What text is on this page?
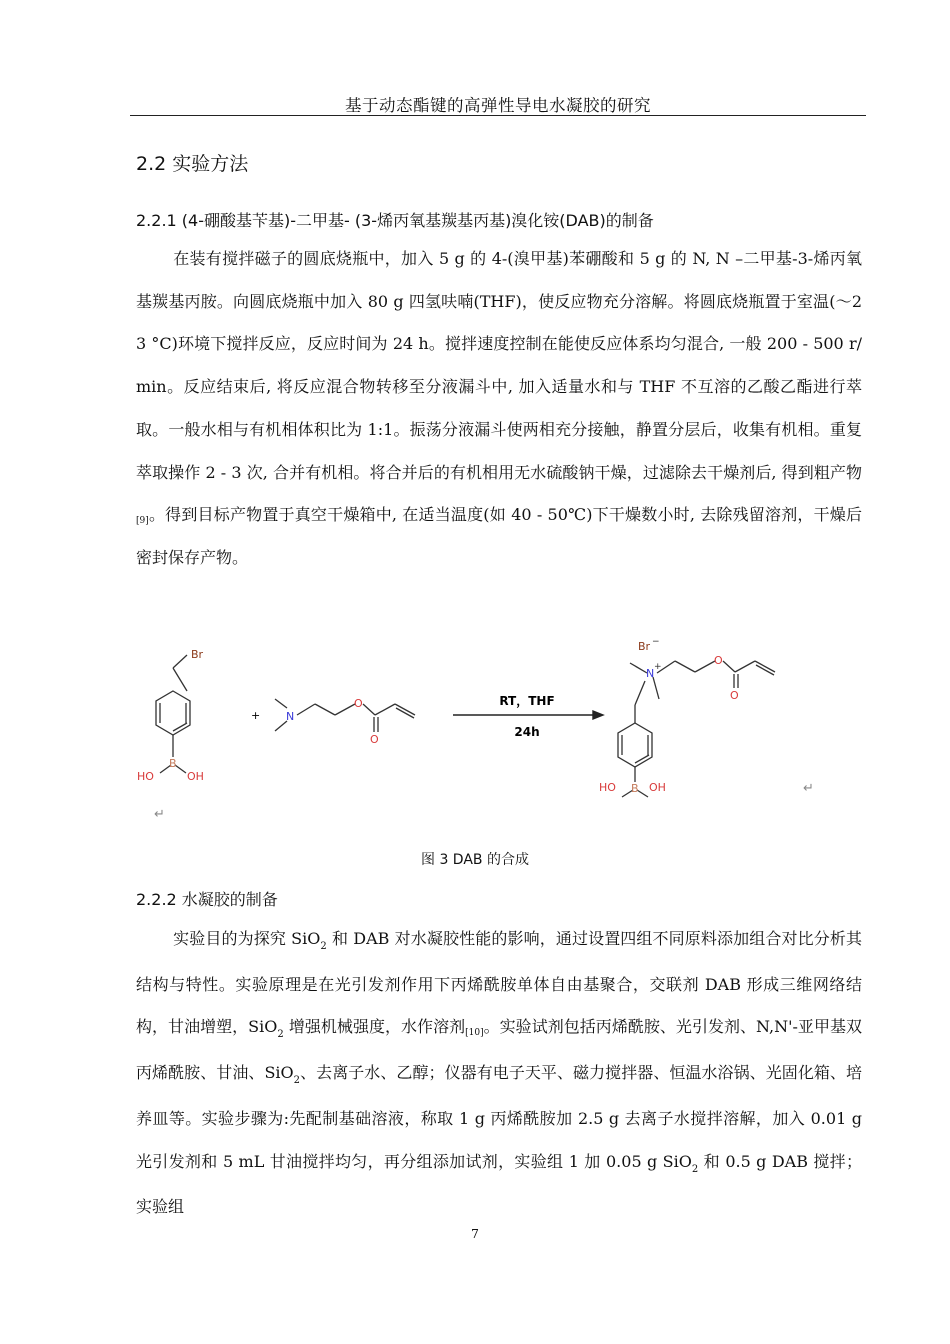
基于动态酯键的高弹性导电水凝胶的研究
2.2 实验方法
2.2.1 (4-硼酸基苄基)-二甲基- (3-烯丙氧基羰基丙基)溴化铵(DAB)的制备
在装有搅拌磁子的圆底烧瓶中，加入 5 g 的 4‑(溴甲基)苯硼酸和 5 g 的 N, N –二甲基‑3‑烯丙氧基羰基丙胺。向圆底烧瓶中加入 80 g 四氢呋喃(THF)，使反应物充分溶解。将圆底烧瓶置于室温(～23 °C)环境下搅拌反应，反应时间为 24 h。搅拌速度控制在能使反应体系均匀混合, 一般 200 - 500 r/min。反应结束后, 将反应混合物转移至分液漏斗中, 加入适量水和与 THF 不互溶的乙酸乙酯进行萃取。一般水相与有机相体积比为 1:1。振荡分液漏斗使两相充分接触，静置分层后，收集有机相。重复萃取操作 2 - 3 次, 合并有机相。将合并后的有机相用无水硫酸钠干燥，过滤除去干燥剂后, 得到粗产物[9]。得到目标产物置于真空干燥箱中, 在适当温度(如 40 - 50℃)下干燥数小时, 去除残留溶剂，干燥后密封保存产物。
Br
B
HO	OH
↵
+ N
O
O
RT，THF
24h
N +
Br −
O
O
B
HO	OH	↵
图 3 DAB 的合成
2.2.2 水凝胶的制备
实验目的为探究 SiO$_2$ 和 DAB 对水凝胶性能的影响，通过设置四组不同原料添加组合对比分析其结构与特性。实验原理是在光引发剂作用下丙烯酰胺单体自由基聚合，交联剂 DAB 形成三维网络结构，甘油增塑，SiO$_2$ 增强机械强度，水作溶剂[10]。实验试剂包括丙烯酰胺、光引发剂、N,N'-亚甲基双丙烯酰胺、甘油、SiO$_2$、去离子水、乙醇；仪器有电子天平、磁力搅拌器、恒温水浴锅、光固化箱、培养皿等。实验步骤为:先配制基础溶液，称取 1 g 丙烯酰胺加 2.5 g 去离子水搅拌溶解，加入 0.01 g 光引发剂和 5 mL 甘油搅拌均匀，再分组添加试剂，实验组 1 加 0.05 g SiO$_2$ 和 0.5 g DAB 搅拌；实验组
7
